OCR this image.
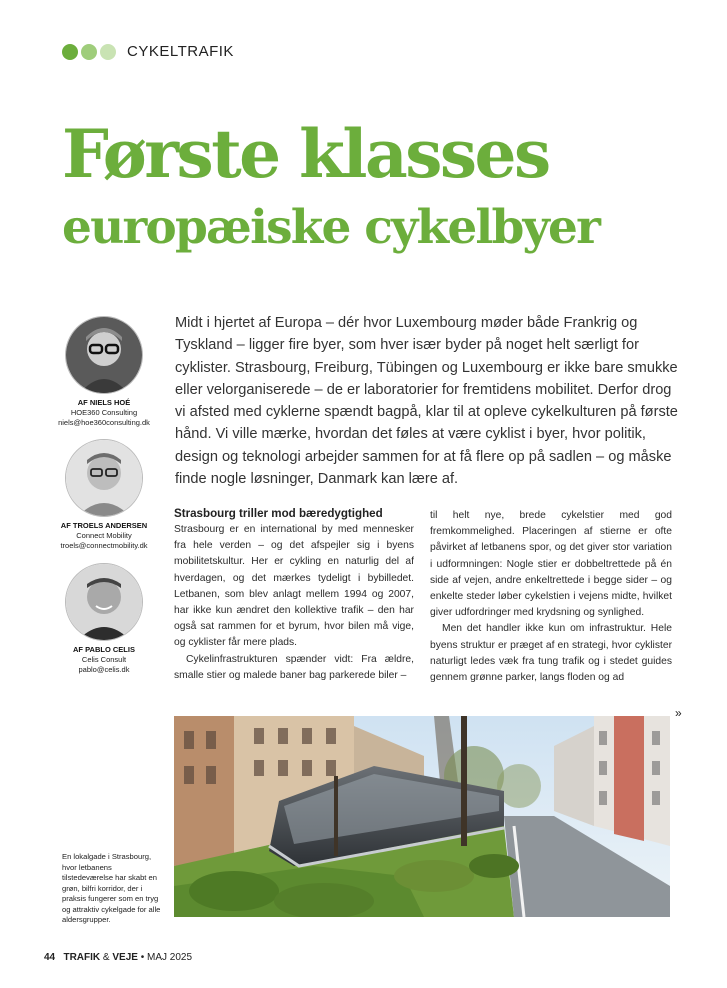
CYKELTRAFIK
Første klasses
europæiske cykelbyer

Midt i hjertet af Europa – dér hvor Luxembourg møder både Frankrig og Tyskland – ligger fire byer, som hver især byder på noget helt særligt for cyklister. Strasbourg, Freiburg, Tübingen og Luxembourg er ikke bare smukke eller velorganiserede – de er laboratorier for fremtidens mobilitet. Derfor drog vi afsted med cyklerne spændt bagpå, klar til at opleve cykelkulturen på første hånd. Vi ville mærke, hvordan det føles at være cyklist i byer, hvor politik, design og teknologi arbejder sammen for at få flere op på sadlen – og måske finde nogle løsninger, Danmark kan lære af.

AF NIELS HOÉ
HOE360 Consulting
niels@hoe360consulting.dk
AF TROELS ANDERSEN
Connect Mobility
troels@connectmobility.dk
AF PABLO CELIS
Celis Consult
pablo@celis.dk
Strasbourg triller mod bæredygtighed

Strasbourg er en international by med mennesker fra hele verden – og det afspejler sig i byens mobilitetskultur. Her er cykling en naturlig del af hverdagen, og det mærkes tydeligt i bybilledet. Letbanen, som blev anlagt mellem 1994 og 2007, har ikke kun ændret den kollektive trafik – den har også sat rammen for et byrum, hvor bilen må vige, og cyklister får mere plads.

Cykelinfrastrukturen spænder vidt: Fra ældre, smalle stier og malede baner bag parkerede biler –

til helt nye, brede cykelstier med god fremkommelighed. Placeringen af stierne er ofte påvirket af letbanens spor, og det giver stor variation i udformningen: Nogle stier er dobbeltrettede på én side af vejen, andre enkeltrettede i begge sider – og enkelte steder løber cykelstien i vejens midte, hvilket giver udfordringer med krydsning og synlighed.

Men det handler ikke kun om infrastruktur. Hele byens struktur er præget af en strategi, hvor cyklister naturligt ledes væk fra tung trafik og i stedet guides gennem grønne parker, langs floden og ad

»
En lokalgade i Strasbourg, hvor letbanens tilstedeværelse har skabt en grøn, bilfri korridor, der i praksis fungerer som en tryg og attraktiv cykelgade for alle aldersgrupper.
44 TRAFIK & VEJE • MAJ 2025
